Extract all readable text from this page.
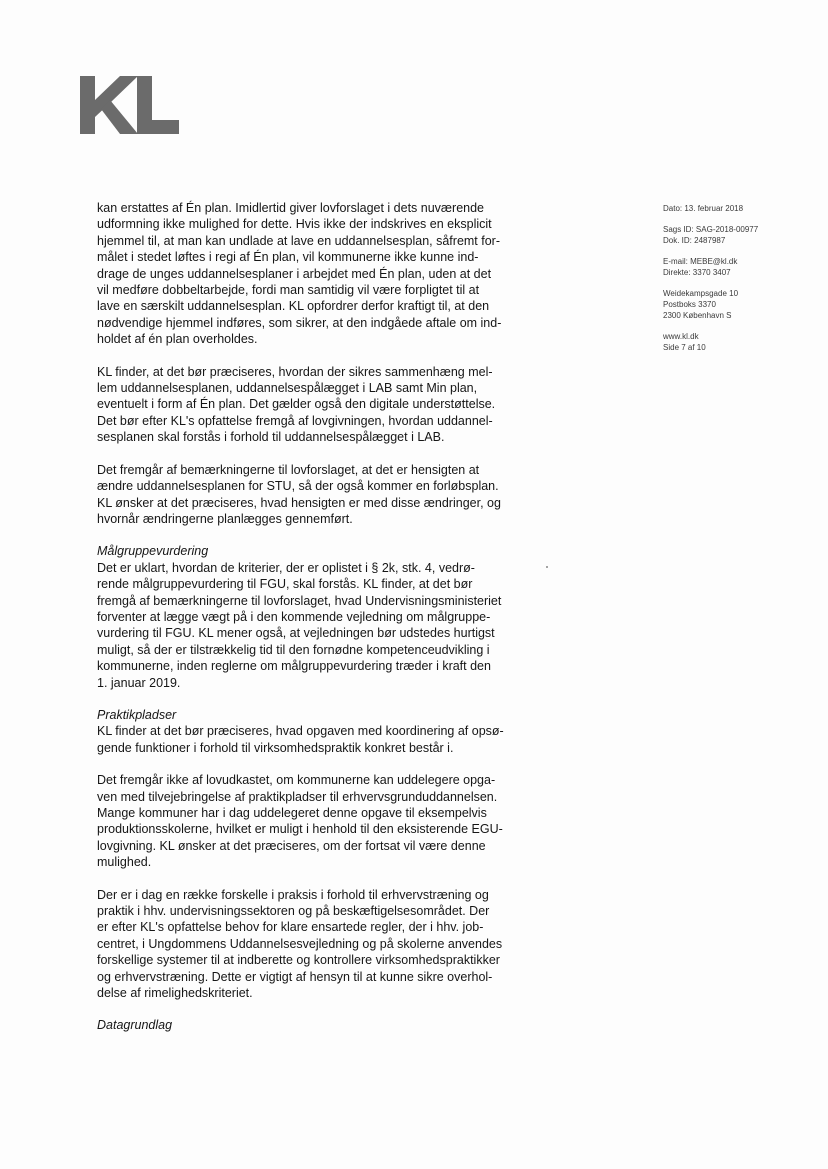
Dato: 13. februar 2018
Sags ID: SAG-2018-00977
Dok. ID: 2487987
E-mail: MEBE@kl.dk
Direkte: 3370 3407
Weidekampsgade 10
Postboks 3370
2300 København S
www.kl.dk
Side 7 af 10
kan erstattes af Én plan. Imidlertid giver lovforslaget i dets nuværende
udformning ikke mulighed for dette. Hvis ikke der indskrives en eksplicit
hjemmel til, at man kan undlade at lave en uddannelsesplan, såfremt for-
målet i stedet løftes i regi af Én plan, vil kommunerne ikke kunne ind-
drage de unges uddannelsesplaner i arbejdet med Én plan, uden at det
vil medføre dobbeltarbejde, fordi man samtidig vil være forpligtet til at
lave en særskilt uddannelsesplan. KL opfordrer derfor kraftigt til, at den
nødvendige hjemmel indføres, som sikrer, at den indgåede aftale om ind-
holdet af én plan overholdes.
KL finder, at det bør præciseres, hvordan der sikres sammenhæng mel-
lem uddannelsesplanen, uddannelsespålægget i LAB samt Min plan,
eventuelt i form af Én plan. Det gælder også den digitale understøttelse.
Det bør efter KL's opfattelse fremgå af lovgivningen, hvordan uddannel-
sesplanen skal forstås i forhold til uddannelsespålægget i LAB.
Det fremgår af bemærkningerne til lovforslaget, at det er hensigten at
ændre uddannelsesplanen for STU, så der også kommer en forløbsplan.
KL ønsker at det præciseres, hvad hensigten er med disse ændringer, og
hvornår ændringerne planlægges gennemført.
Målgruppevurdering
Det er uklart, hvordan de kriterier, der er oplistet i § 2k, stk. 4, vedrø-
rende målgruppevurdering til FGU, skal forstås. KL finder, at det bør
fremgå af bemærkningerne til lovforslaget, hvad Undervisningsministeriet
forventer at lægge vægt på i den kommende vejledning om målgruppe-
vurdering til FGU. KL mener også, at vejledningen bør udstedes hurtigst
muligt, så der er tilstrækkelig tid til den fornødne kompetenceudvikling i
kommunerne, inden reglerne om målgruppevurdering træder i kraft den
1. januar 2019.
Praktikpladser
KL finder at det bør præciseres, hvad opgaven med koordinering af opsø-
gende funktioner i forhold til virksomhedspraktik konkret består i.
Det fremgår ikke af lovudkastet, om kommunerne kan uddelegere opga-
ven med tilvejebringelse af praktikpladser til erhvervsgrunduddannelsen.
Mange kommuner har i dag uddelegeret denne opgave til eksempelvis
produktionsskolerne, hvilket er muligt i henhold til den eksisterende EGU-
lovgivning. KL ønsker at det præciseres, om der fortsat vil være denne
mulighed.
Der er i dag en række forskelle i praksis i forhold til erhvervstræning og
praktik i hhv. undervisningssektoren og på beskæftigelsesområdet. Der
er efter KL's opfattelse behov for klare ensartede regler, der i hhv. job-
centret, i Ungdommens Uddannelsesvejledning og på skolerne anvendes
forskellige systemer til at indberette og kontrollere virksomhedspraktikker
og erhvervstræning. Dette er vigtigt af hensyn til at kunne sikre overhol-
delse af rimelighedskriteriet.
Datagrundlag
